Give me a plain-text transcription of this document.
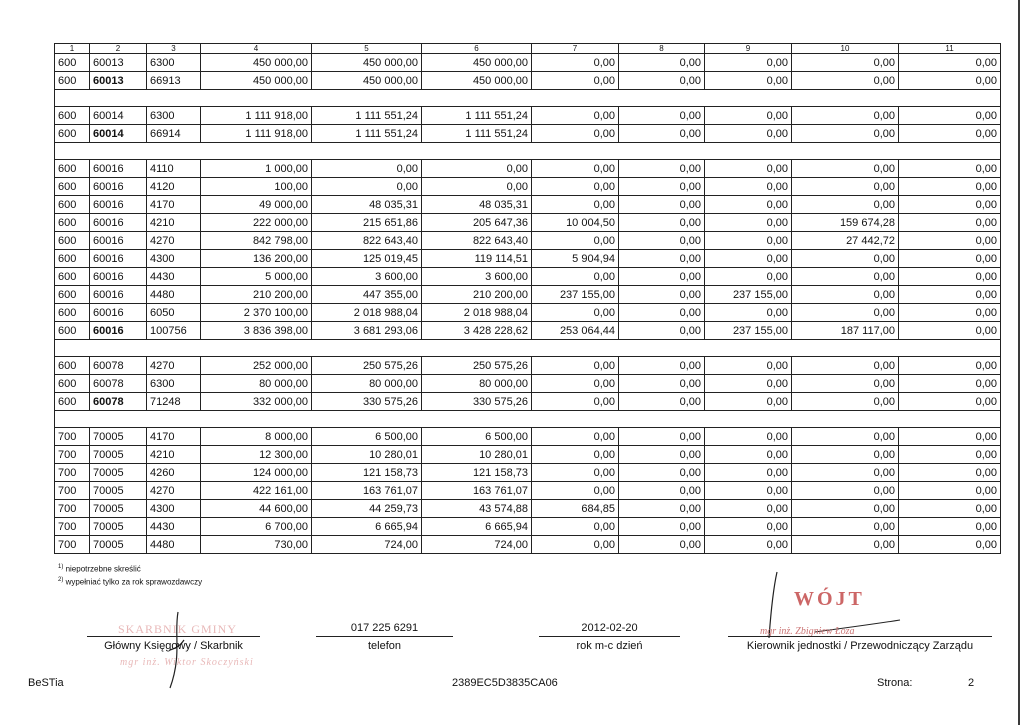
1	2	3	4	5	6	7	8	9	10	11
600	60013	6300	450 000,00	450 000,00	450 000,00	0,00	0,00	0,00	0,00	0,00
600	60013	66913	450 000,00	450 000,00	450 000,00	0,00	0,00	0,00	0,00	0,00

600	60014	6300	1 111 918,00	1 111 551,24	1 111 551,24	0,00	0,00	0,00	0,00	0,00
600	60014	66914	1 111 918,00	1 111 551,24	1 111 551,24	0,00	0,00	0,00	0,00	0,00

600	60016	4110	1 000,00	0,00	0,00	0,00	0,00	0,00	0,00	0,00
600	60016	4120	100,00	0,00	0,00	0,00	0,00	0,00	0,00	0,00
600	60016	4170	49 000,00	48 035,31	48 035,31	0,00	0,00	0,00	0,00	0,00
600	60016	4210	222 000,00	215 651,86	205 647,36	10 004,50	0,00	0,00	159 674,28	0,00
600	60016	4270	842 798,00	822 643,40	822 643,40	0,00	0,00	0,00	27 442,72	0,00
600	60016	4300	136 200,00	125 019,45	119 114,51	5 904,94	0,00	0,00	0,00	0,00
600	60016	4430	5 000,00	3 600,00	3 600,00	0,00	0,00	0,00	0,00	0,00
600	60016	4480	210 200,00	447 355,00	210 200,00	237 155,00	0,00	237 155,00	0,00	0,00
600	60016	6050	2 370 100,00	2 018 988,04	2 018 988,04	0,00	0,00	0,00	0,00	0,00
600	60016	100756	3 836 398,00	3 681 293,06	3 428 228,62	253 064,44	0,00	237 155,00	187 117,00	0,00

600	60078	4270	252 000,00	250 575,26	250 575,26	0,00	0,00	0,00	0,00	0,00
600	60078	6300	80 000,00	80 000,00	80 000,00	0,00	0,00	0,00	0,00	0,00
600	60078	71248	332 000,00	330 575,26	330 575,26	0,00	0,00	0,00	0,00	0,00

700	70005	4170	8 000,00	6 500,00	6 500,00	0,00	0,00	0,00	0,00	0,00
700	70005	4210	12 300,00	10 280,01	10 280,01	0,00	0,00	0,00	0,00	0,00
700	70005	4260	124 000,00	121 158,73	121 158,73	0,00	0,00	0,00	0,00	0,00
700	70005	4270	422 161,00	163 761,07	163 761,07	0,00	0,00	0,00	0,00	0,00
700	70005	4300	44 600,00	44 259,73	43 574,88	684,85	0,00	0,00	0,00	0,00
700	70005	4430	6 700,00	6 665,94	6 665,94	0,00	0,00	0,00	0,00	0,00
700	70005	4480	730,00	724,00	724,00	0,00	0,00	0,00	0,00	0,00
$^{1)}$ niepotrzebne skreślić
$^{2)}$ wypełniać tylko za rok sprawozdawczy
SKARBNIK GMINY
mgr inż. Wiktor Skoczyński
Główny Księgowy / Skarbnik
017 225 6291
telefon
2012-02-20
rok m-c dzień
WÓJT
mgr inż. Zbigniew Łoza
Kierownik jednostki / Przewodniczący Zarządu
BeSTia	2389EC5D3835CA06	Strona:	2
